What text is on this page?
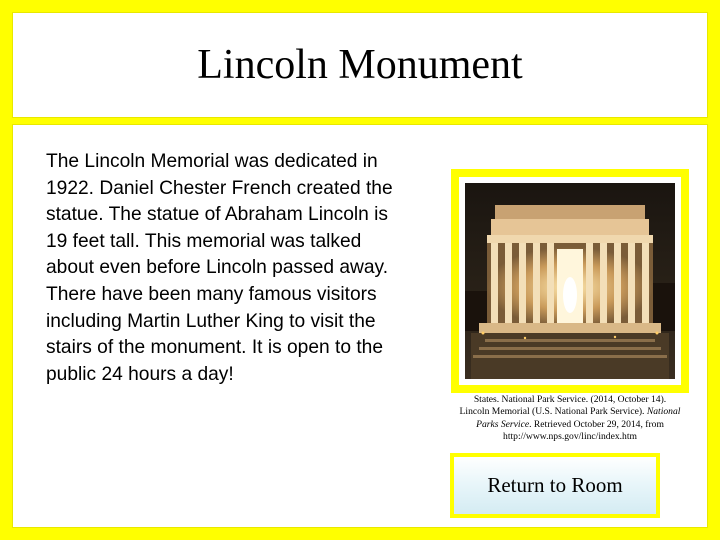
Lincoln Monument

The Lincoln Memorial was dedicated in 1922. Daniel Chester French created the statue. The statue of Abraham Lincoln is 19 feet tall. This memorial was talked about even before Lincoln passed away. There have been many famous visitors including Martin Luther King to visit the stairs of the monument. It is open to the public 24 hours a day!

States. National Park Service. (2014, October 14). Lincoln Memorial (U.S. National Park Service). National Parks Service. Retrieved October 29, 2014, from http://www.nps.gov/linc/index.htm

Return to Room
